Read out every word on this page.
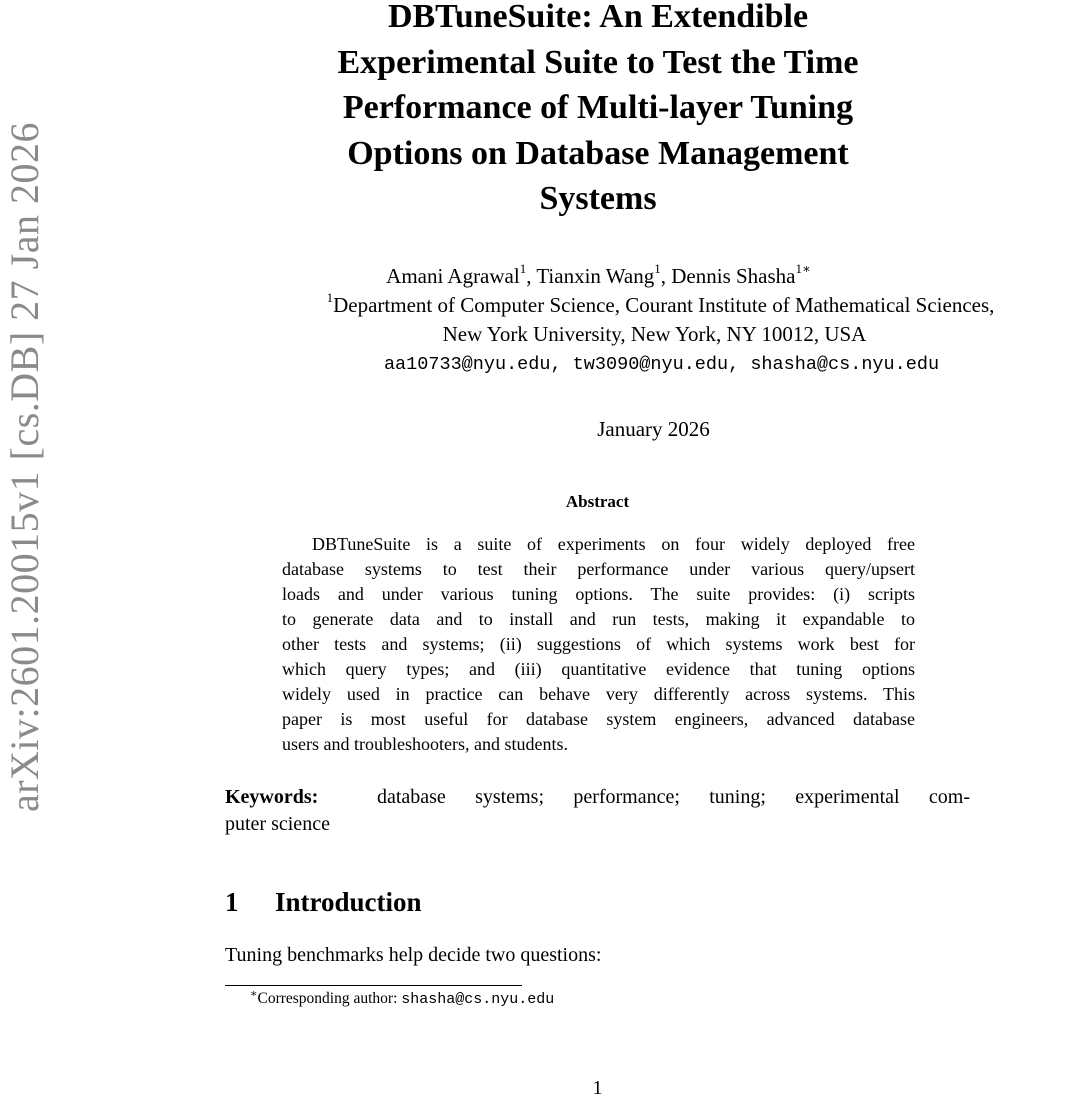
arXiv:2601.20015v1 [cs.DB] 27 Jan 2026
DBTuneSuite: An Extendible
Experimental Suite to Test the Time
Performance of Multi-layer Tuning
Options on Database Management
Systems
Amani Agrawal$^1$, Tianxin Wang$^1$, Dennis Shasha$^{1∗}$
$^1$Department of Computer Science, Courant Institute of Mathematical Sciences,
New York University, New York, NY 10012, USA
aa10733@nyu.edu, tw3090@nyu.edu, shasha@cs.nyu.edu
January 2026
Abstract
DBTuneSuite is a suite of experiments on four widely deployed free
database systems to test their performance under various query/upsert
loads and under various tuning options. The suite provides: (i) scripts
to generate data and to install and run tests, making it expandable to
other tests and systems; (ii) suggestions of which systems work best for
which query types; and (iii) quantitative evidence that tuning options
widely used in practice can behave very differently across systems. This
paper is most useful for database system engineers, advanced database
users and troubleshooters, and students.
Keywords:	database systems; performance; tuning; experimental com-
puter science
1 Introduction
Tuning benchmarks help decide two questions:
∗Corresponding author: shasha@cs.nyu.edu
1
